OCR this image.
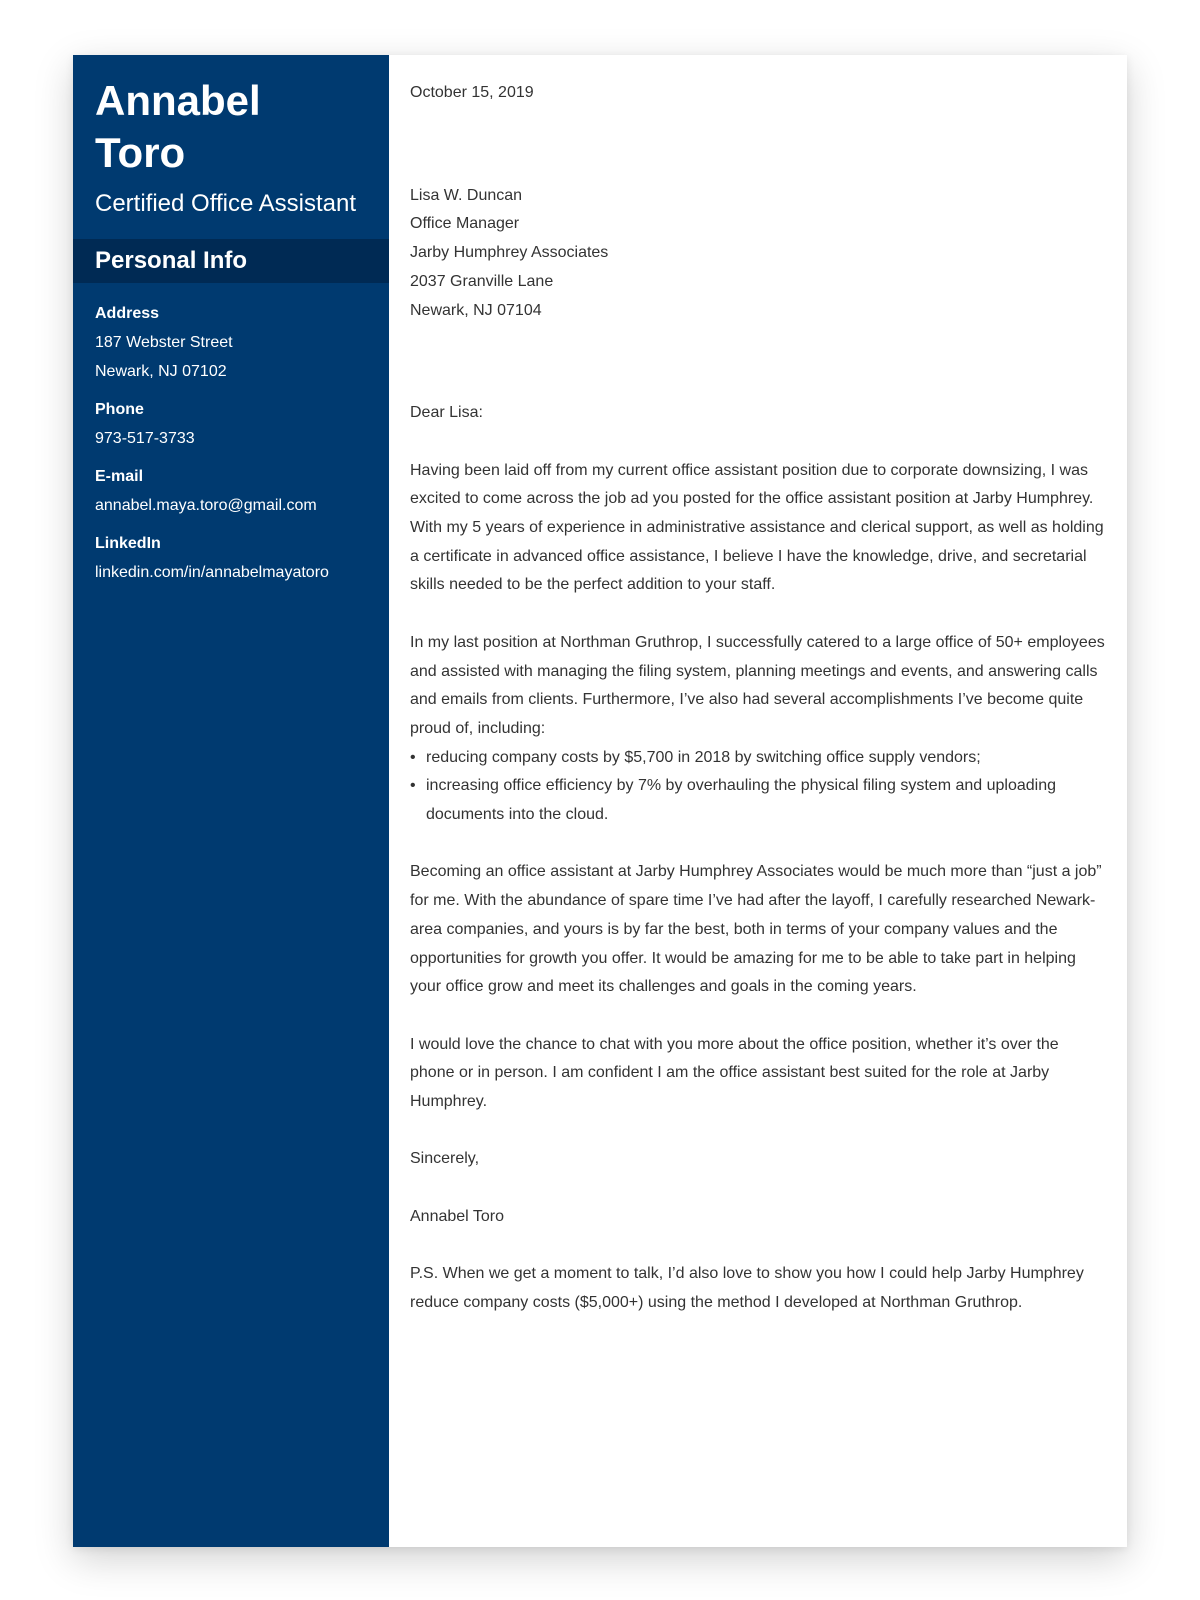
Annabel
Toro
Certified Office Assistant
Personal Info
Address
187 Webster Street
Newark, NJ 07102
Phone
973-517-3733
E-mail
annabel.maya.toro@gmail.com
LinkedIn
linkedin.com/in/annabelmayatoro

October 15, 2019

Lisa W. Duncan
Office Manager
Jarby Humphrey Associates
2037 Granville Lane
Newark, NJ 07104

Dear Lisa:

Having been laid off from my current office assistant position due to corporate downsizing, I was excited to come across the job ad you posted for the office assistant position at Jarby Humphrey. With my 5 years of experience in administrative assistance and clerical support, as well as holding a certificate in advanced office assistance, I believe I have the knowledge, drive, and secretarial skills needed to be the perfect addition to your staff.

In my last position at Northman Gruthrop, I successfully catered to a large office of 50+ employees and assisted with managing the filing system, planning meetings and events, and answering calls and emails from clients. Furthermore, I’ve also had several accomplishments I’ve become quite proud of, including:

• reducing company costs by $5,700 in 2018 by switching office supply vendors;
• increasing office efficiency by 7% by overhauling the physical filing system and uploading documents into the cloud.

Becoming an office assistant at Jarby Humphrey Associates would be much more than “just a job” for me. With the abundance of spare time I’ve had after the layoff, I carefully researched Newark-area companies, and yours is by far the best, both in terms of your company values and the opportunities for growth you offer. It would be amazing for me to be able to take part in helping your office grow and meet its challenges and goals in the coming years.

I would love the chance to chat with you more about the office position, whether it’s over the phone or in person. I am confident I am the office assistant best suited for the role at Jarby Humphrey.

Sincerely,

Annabel Toro

P.S. When we get a moment to talk, I’d also love to show you how I could help Jarby Humphrey reduce company costs ($5,000+) using the method I developed at Northman Gruthrop.
